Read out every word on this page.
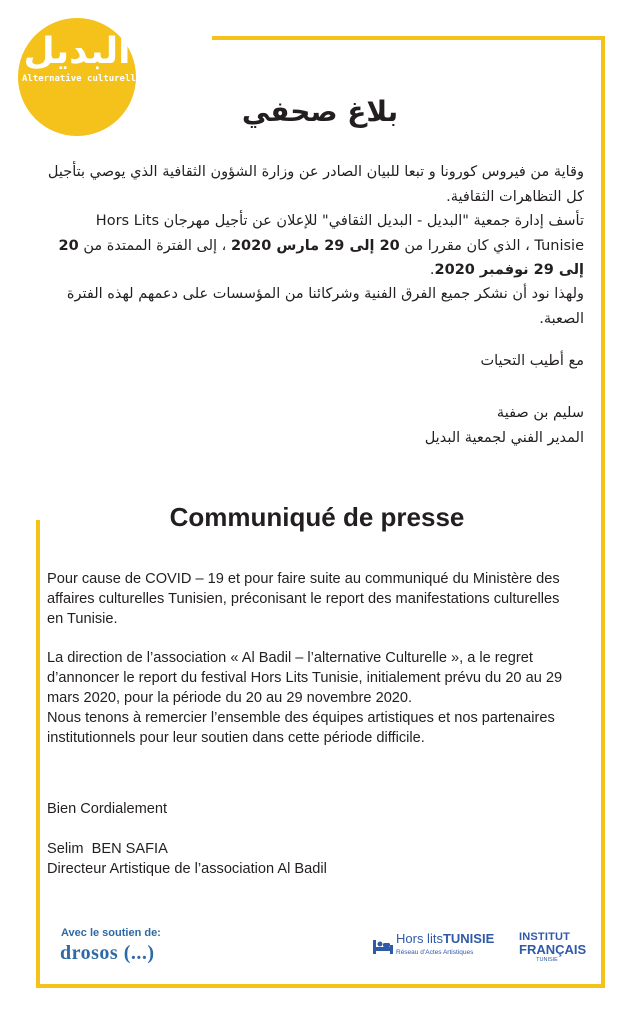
البديل
Alternative culturelle
بلاغ صحفي
وقاية من فيروس كورونا و تبعا للبيان الصادر عن وزارة الشؤون الثقافية الذي يوصي بتأجيل كل التظاهرات الثقافية.
تأسف إدارة جمعية "البديل - البديل الثقافي" للإعلان عن تأجيل مهرجان Hors Lits Tunisie ، الذي كان مقررا من 20 إلى 29 مارس 2020 ، إلى الفترة الممتدة من 20 إلى 29 نوفمبر 2020.
ولهذا نود أن نشكر جميع الفرق الفنية وشركائنا من المؤسسات على دعمهم لهذه الفترة الصعبة.
مع أطيب التحيات
سليم بن صفية
المدير الفني لجمعية البديل
Communiqué de presse
Pour cause de COVID – 19 et pour faire suite au communiqué du Ministère des affaires culturelles Tunisien, préconisant le report des manifestations culturelles en Tunisie.
La direction de l’association « Al Badil – l’alternative Culturelle », a le regret d’annoncer le report du festival Hors Lits Tunisie, initialement prévu du 20 au 29 mars 2020, pour la période du 20 au 29 novembre 2020.
Nous tenons à remercier l’ensemble des équipes artistiques et nos partenaires institutionnels pour leur soutien dans cette période difficile.
Bien Cordialement
Selim  BEN SAFIA
Directeur Artistique de l’association Al Badil
Avec le soutien de:
drosos (...)
Hors litsTUNISIE
Réseau d’Actes Artistiques
INSTITUT
FRANÇAIS
TUNISIE
